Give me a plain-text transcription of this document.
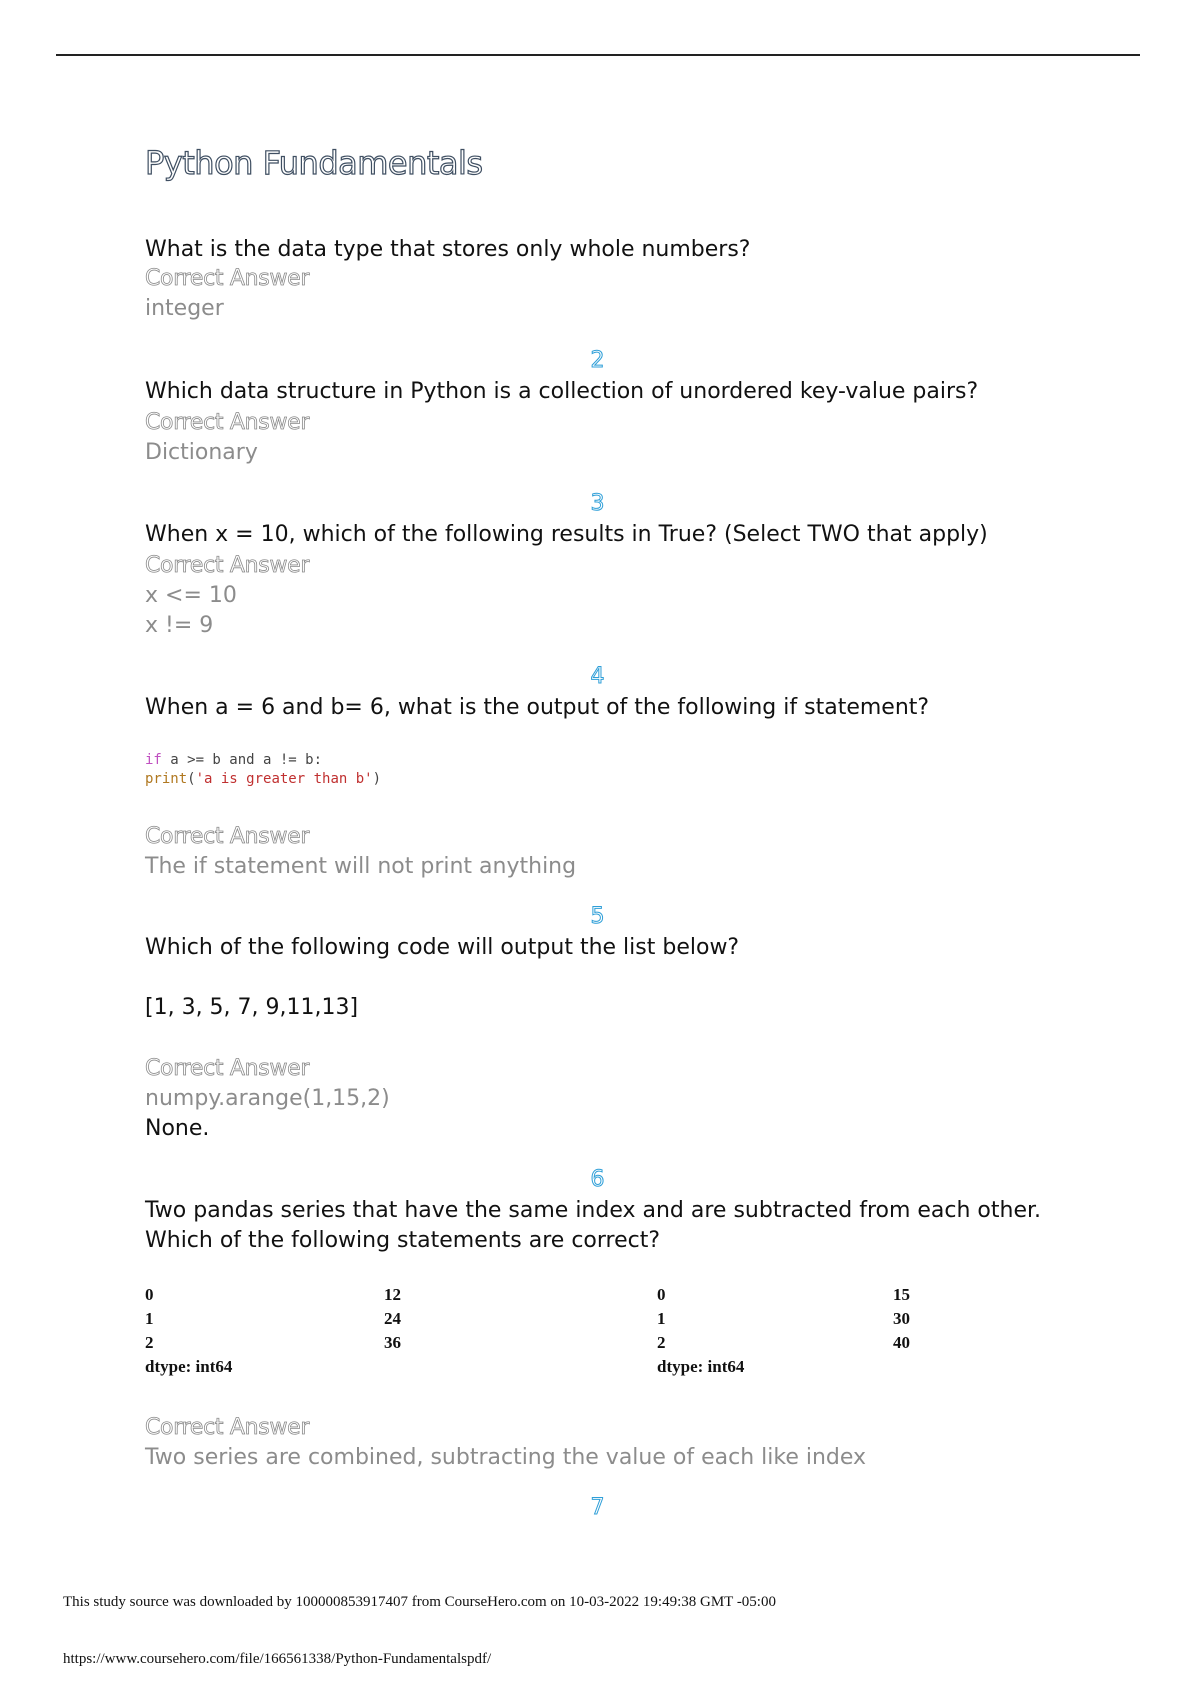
Python Fundamentals
What is the data type that stores only whole numbers?
Correct Answer
integer
2
Which data structure in Python is a collection of unordered key-value pairs?
Correct Answer
Dictionary
3
When x = 10, which of the following results in True? (Select TWO that apply)
Correct Answer
x <= 10
x != 9
4
When a = 6 and b= 6, what is the output of the following if statement?
if a >= b and a != b:
print('a is greater than b')
Correct Answer
The if statement will not print anything
5
Which of the following code will output the list below?
[1, 3, 5, 7, 9,11,13]
Correct Answer
numpy.arange(1,15,2)
None.
6
Two pandas series that have the same index and are subtracted from each other. Which of the following statements are correct?
0	12	0	15
1	24	1	30
2	36	2	40
dtype: int64	dtype: int64
Correct Answer
Two series are combined, subtracting the value of each like index
7
This study source was downloaded by 100000853917407 from CourseHero.com on 10-03-2022 19:49:38 GMT -05:00
https://www.coursehero.com/file/166561338/Python-Fundamentalspdf/
